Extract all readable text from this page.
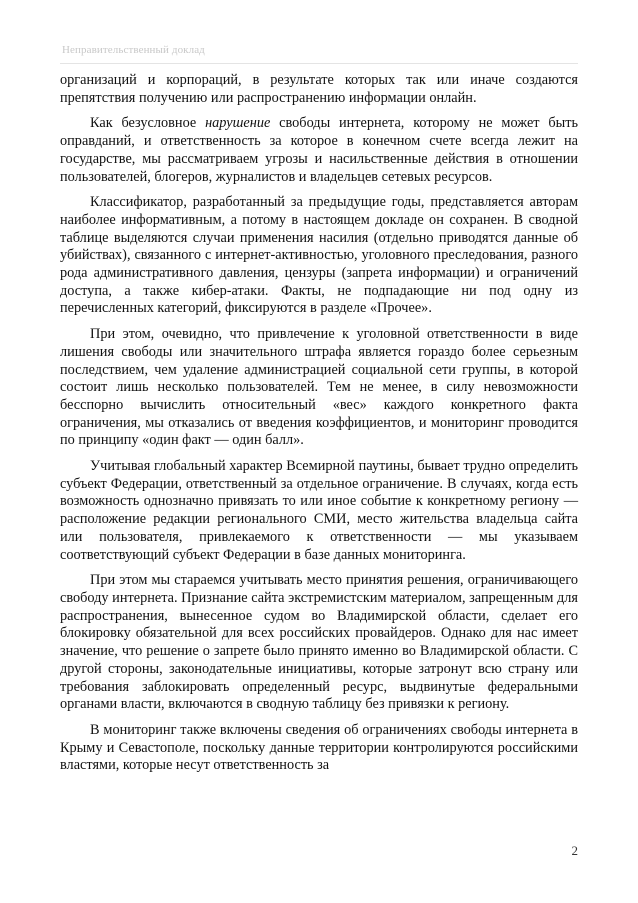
Неправительственный доклад

организаций и корпораций, в результате которых так или иначе создаются препятствия получению или распространению информации онлайн.

Как безусловное нарушение свободы интернета, которому не может быть оправданий, и ответственность за которое в конечном счете всегда лежит на государстве, мы рассматриваем угрозы и насильственные действия в отношении пользователей, блогеров, журналистов и владельцев сетевых ресурсов.

Классификатор, разработанный за предыдущие годы, представляется авторам наиболее информативным, а потому в настоящем докладе он сохранен. В сводной таблице выделяются случаи применения насилия (отдельно приводятся данные об убийствах), связанного с интернет-активностью, уголовного преследования, разного рода административного давления, цензуры (запрета информации) и ограничений доступа, а также кибер-атаки. Факты, не подпадающие ни под одну из перечисленных категорий, фиксируются в разделе «Прочее».

При этом, очевидно, что привлечение к уголовной ответственности в виде лишения свободы или значительного штрафа является гораздо более серьезным последствием, чем удаление администрацией социальной сети группы, в которой состоит лишь несколько пользователей. Тем не менее, в силу невозможности бесспорно вычислить относительный «вес» каждого конкретного факта ограничения, мы отказались от введения коэффициентов, и мониторинг проводится по принципу «один факт — один балл».

Учитывая глобальный характер Всемирной паутины, бывает трудно определить субъект Федерации, ответственный за отдельное ограничение. В случаях, когда есть возможность однозначно привязать то или иное событие к конкретному региону — расположение редакции регионального СМИ, место жительства владельца сайта или пользователя, привлекаемого к ответственности — мы указываем соответствующий субъект Федерации в базе данных мониторинга.

При этом мы стараемся учитывать место принятия решения, ограничивающего свободу интернета. Признание сайта экстремистским материалом, запрещенным для распространения, вынесенное судом во Владимирской области, сделает его блокировку обязательной для всех российских провайдеров. Однако для нас имеет значение, что решение о запрете было принято именно во Владимирской области. С другой стороны, законодательные инициативы, которые затронут всю страну или требования заблокировать определенный ресурс, выдвинутые федеральными органами власти, включаются в сводную таблицу без привязки к региону.

В мониторинг также включены сведения об ограничениях свободы интернета в Крыму и Севастополе, поскольку данные территории контролируются российскими властями, которые несут ответственность за

2
